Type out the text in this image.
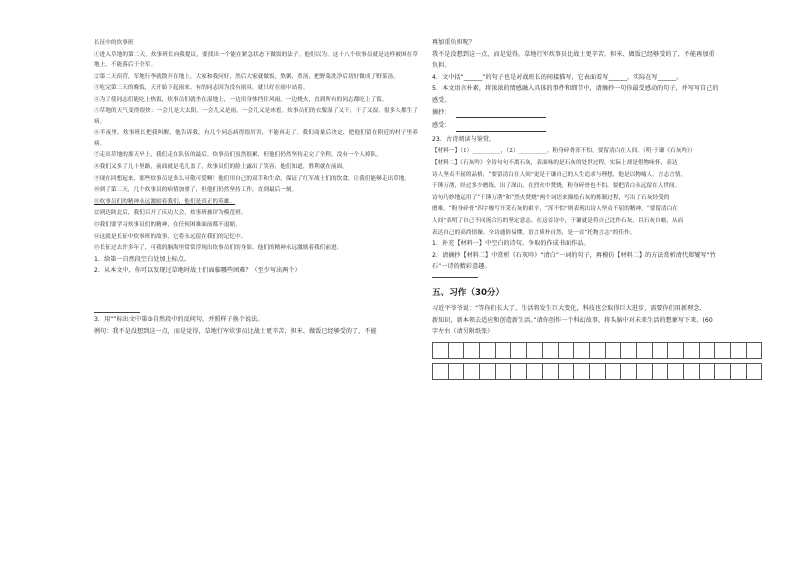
长征中的炊事班
①进入草地的第二天，炊事班长向我提议，要找出一个能在紧急状态下做饭的法子。他们以为，这十八个炊事员就是这样被困在草地上，不能落后于全军。
②第二天宿营，军地行李就散开在地上，大家和我问好，然后大家就做饭，熬粥、煮汤，把野菜洗净后切好做成了野菜汤。
③吃完第二天的晚饭，天开始下起雨来。有的同志因为没有雨具，就只好在雨中站着。
④为了使同志们能吃上热饭，炊事员们就坐在湿地上，一边用身体挡住风雨，一边烧火，直到所有的同志都吃上了饭。
⑤草地的天气变得很快：一会儿是大太阳，一会儿又是雨，一会儿又是冰雹。炊事员们的衣服湿了又干，干了又湿，很多人都生了病。
⑥半夜里，炊事班长把我叫醒，他告诉我，有几个同志病得很厉害，不能再走了。我们商量后决定，把他们留在附近的村子里养病。
⑦走出草地的那天早上，我们走在队伍的最后。炊事员们虽然很累，但他们仍然坚持走完了全程，没有一个人掉队。
⑧我们又多了几十里路，前面就是毛儿盖了。炊事员们的脸上露出了笑容，他们知道，胜利就在前面。
⑨现在回想起来，那些炊事员是多么可敬可爱啊！他们用自己的双手和生命，保证了红军战士们的饮食，让我们能够走出草地。
⑩到了第二天，几个炊事员的病情加重了，但他们仍然坚持工作，直到最后一刻。
⑪炊事员们的精神永远激励着我们，他们是真正的英雄。
⑫到达陕北后，我们召开了庆功大会，炊事班被评为模范班。
⑬我们要学习炊事员们的精神，在任何困难面前都不退缩。
⑭这就是长征中炊事班的故事，它将永远留在我们的记忆中。
⑮长征过去许多年了，可我的脑海里常常浮现出炊事员们的身影，他们的精神永远激励着我们前进。
1．给第一自然段空白处加上标点。
2．从本文中，你可以发现过草地时战士们面临哪些困难？（至少写出两个）
3．用“”标出文中第③自然段中的反问句，并照样子换个说法。
例句：我不是没想到这一点，而是觉得，草地行军炊事员比战士更辛苦，担米、做饭已经够受的了，不能
再加重负担呢？
我不是没想到这一点，而是觉得，草地行军炊事员比战士更辛苦，担米、做饭已经够受的了，不能再加重
负担。
4．文中括“______”的句子也是对战班长的间接描写，它表面看写______，实际在写______。
5．本文语言朴素，将浓浓的情感融入具体的事件和细节中，请摘抄一句你最受感动的句子，并写写自己的
感受。
摘抄：
感受：
23．古诗阅读与鉴赏。
【材料一】（1）__________，（2）__________。粉身碎骨浑不怕，要留清白在人间。（明·于谦《石灰吟》）
【材料二】《石灰吟》全诗句句不离石灰，表面咏的是石灰的处世过程，实际上却是借物咏怀，表达
诗人坚贞不屈的品格，“要留清白在人间”更是于谦自己的人生追求与理想，他是以物喻人，言志言情，
千锤万凿，经过多少磨练，出了深山，在烈火中焚烧，粉身碎骨也不怕，要把清白永远留在人世间。
诗句巧妙地运用了“千锤万凿”和“烈火焚烧”两个词语来描绘石灰的炼制过程，写出了石灰经受的
磨难，“粉身碎骨”四字极写开采石灰的艰辛，“浑不怕”则表现出诗人坚贞不屈的精神，“要留清白在
人间”表明了自己不同流合污的坚定意志。在这首诗中，于谦就是将自己比作石灰，以石灰自喻，从而
表达自己的高尚情操。全诗通俗易懂，语言质朴自然，是一首“托物言志”的佳作。
1．补充【材料一】中空白的诗句，争取的作成书面作品。
2．请摘抄【材料二】中赏析《石灰吟》“清白”一词的句子，再模仿【材料二】的方法赏析清代郑燮写“竹
石”一诗的精彩意趣。
五、习作（30分）
习近平爷爷说：“等你们长大了，生活将发生巨大变化，科技也会取得巨大进步，需要你们用新理念、
新知识、新本领去适应和创造新生活。”请你创作一个科幻故事，将头脑中对未来生活的想象写下来。(60
字左右（请另附纸张）
